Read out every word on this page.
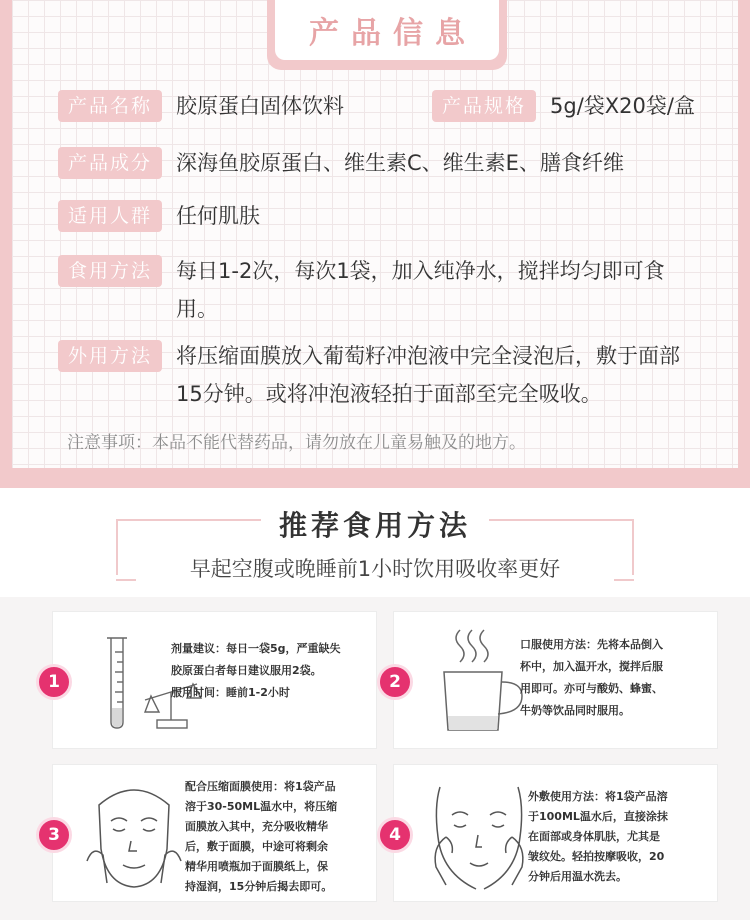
产品信息
产品名称	胶原蛋白固体饮料	产品规格	5g/袋X20袋/盒
产品成分	深海鱼胶原蛋白、维生素C、维生素E、膳食纤维
适用人群	任何肌肤
食用方法	每日1-2次，每次1袋，加入纯净水，搅拌均匀即可食用。
外用方法	将压缩面膜放入葡萄籽冲泡液中完全浸泡后，敷于面部15分钟。或将冲泡液轻拍于面部至完全吸收。
注意事项：本品不能代替药品，请勿放在儿童易触及的地方。
推荐食用方法
早起空腹或晚睡前1小时饮用吸收率更好
1
剂量建议：每日一袋5g，严重缺失
胶原蛋白者每日建议服用2袋。
服用时间：睡前1-2小时
2
口服使用方法：先将本品倒入
杯中，加入温开水，搅拌后服
用即可。亦可与酸奶、蜂蜜、
牛奶等饮品同时服用。
3
配合压缩面膜使用：将1袋产品
溶于30-50ML温水中，将压缩
面膜放入其中，充分吸收精华
后，敷于面膜，中途可将剩余
精华用喷瓶加于面膜纸上，保
持湿润，15分钟后揭去即可。
4
外敷使用方法：将1袋产品溶
于100ML温水后，直接涂抹
在面部或身体肌肤，尤其是
皱纹处。轻拍按摩吸收，20
分钟后用温水洗去。
